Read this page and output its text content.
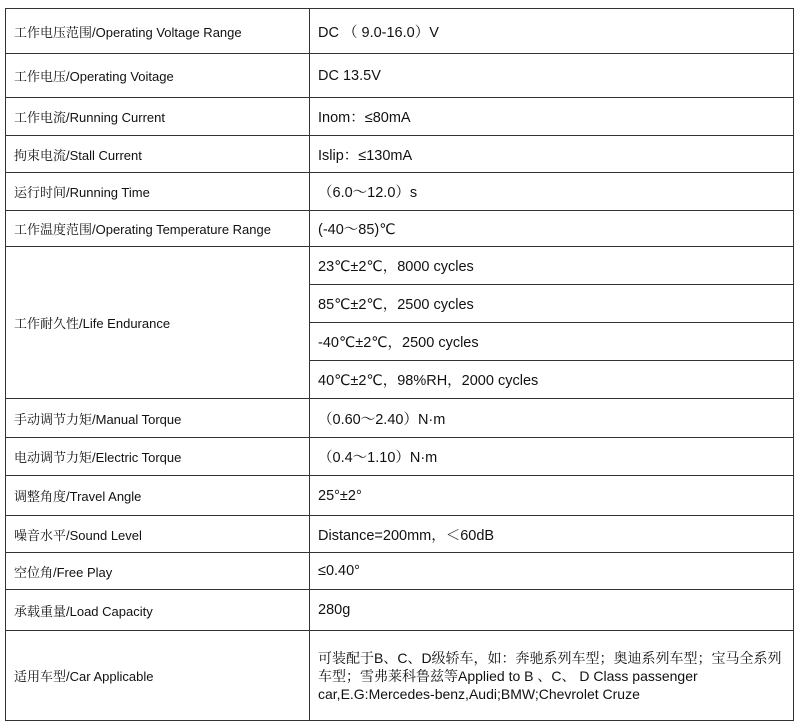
工作电压范围/Operating Voltage Range	DC （ 9.0-16.0）V
工作电压/Operating Voitage	DC 13.5V
工作电流/Running Current	Inom：≤80mA
拘束电流/Stall Current	Islip：≤130mA
运行时间/Running Time	（6.0～12.0）s
工作温度范围/Operating Temperature Range	(-40～85)℃
工作耐久性/Life Endurance	23℃±2℃，8000 cycles
	85℃±2℃，2500 cycles
	-40℃±2℃，2500 cycles
	40℃±2℃，98%RH，2000 cycles
手动调节力矩/Manual Torque	（0.60～2.40）N·m
电动调节力矩/Electric Torque	（0.4～1.10）N·m
调整角度/Travel Angle	25°±2°
噪音水平/Sound Level	Distance=200mm，＜60dB
空位角/Free Play	≤0.40°
承载重量/Load Capacity	280g
适用车型/Car Applicable	可装配于B、C、D级轿车，如：奔驰系列车型；奥迪系列车型；宝马全系列车型；雪弗莱科鲁兹等Applied to B 、C、 D Class passenger car,E.G:Mercedes-benz,Audi;BMW;Chevrolet Cruze
